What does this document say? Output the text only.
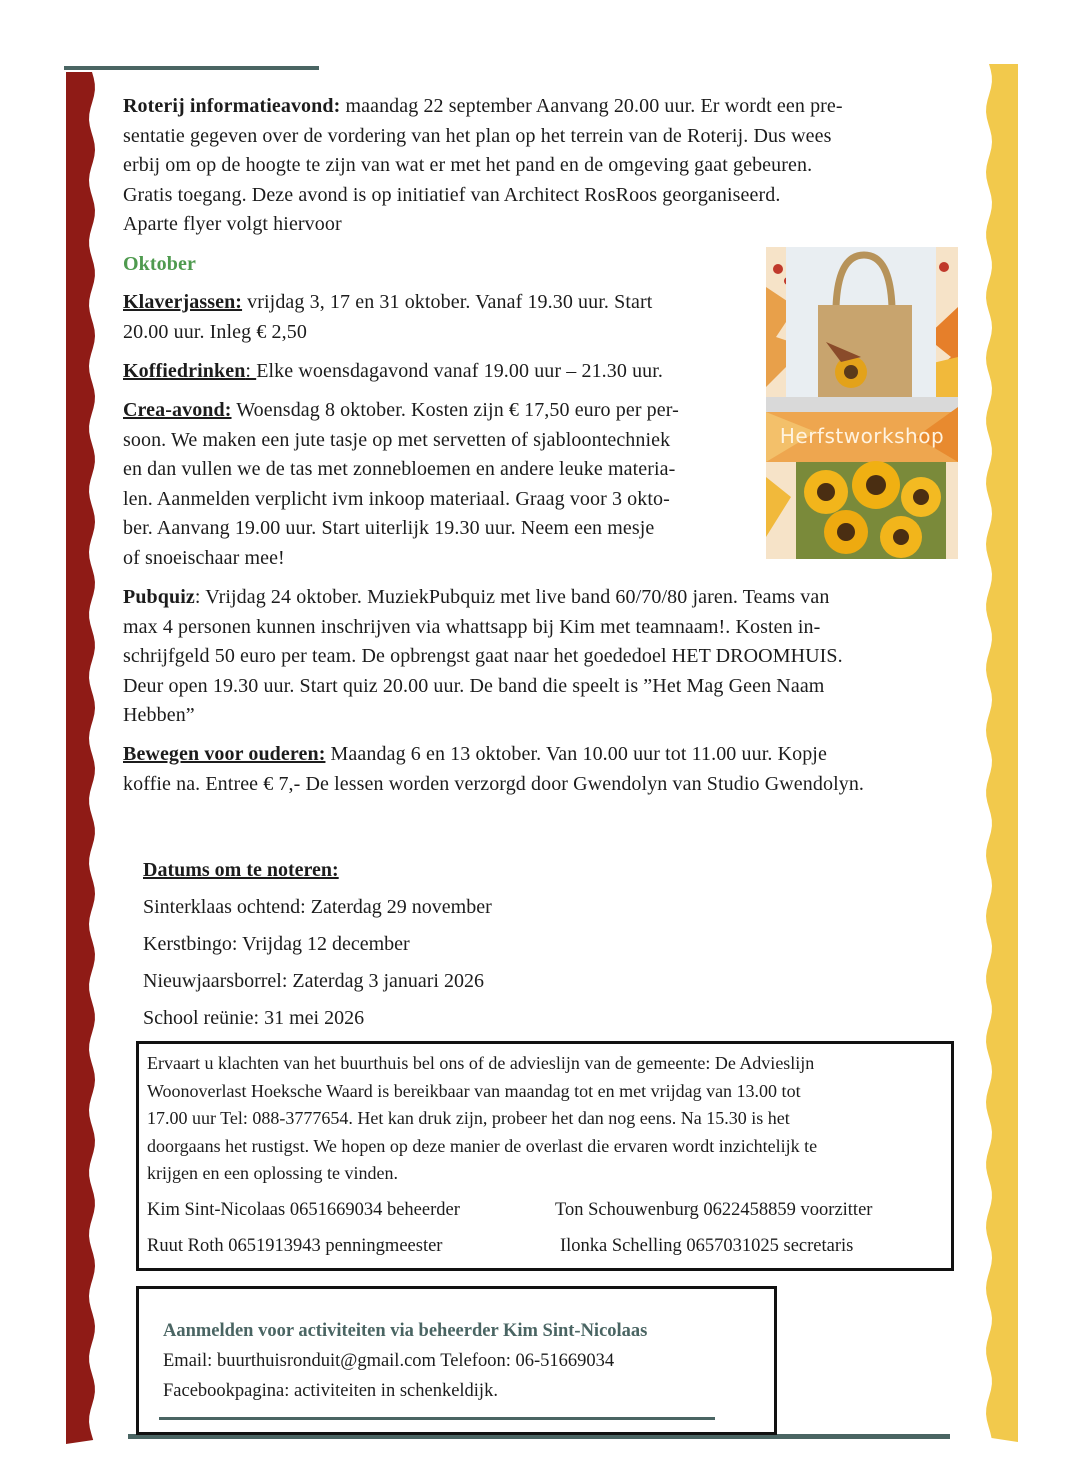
Roterij informatieavond: maandag 22 september Aanvang 20.00 uur. Er wordt een pre-

sentatie gegeven over de vordering van het plan op het terrein van de Roterij. Dus wees

erbij om op de hoogte te zijn van wat er met het pand en de omgeving gaat gebeuren.

Gratis toegang. Deze avond is op initiatief van Architect RosRoos georganiseerd.

Aparte flyer volgt hiervoor

Oktober

Klaverjassen: vrijdag 3, 17 en 31 oktober. Vanaf 19.30 uur. Start

20.00 uur. Inleg € 2,50

Koffiedrinken: Elke woensdagavond vanaf 19.00 uur – 21.30 uur.

Crea-avond: Woensdag 8 oktober. Kosten zijn € 17,50 euro per per-

soon. We maken een jute tasje op met servetten of sjabloontechniek

en dan vullen we de tas met zonnebloemen en andere leuke materia-

len. Aanmelden verplicht ivm inkoop materiaal. Graag voor 3 okto-

ber. Aanvang 19.00 uur. Start uiterlijk 19.30 uur. Neem een mesje

of snoeischaar mee!

Herfstworkshop

Pubquiz: Vrijdag 24 oktober. MuziekPubquiz met live band 60/70/80 jaren. Teams van

max 4 personen kunnen inschrijven via whattsapp bij Kim met teamnaam!. Kosten in-

schrijfgeld 50 euro per team. De opbrengst gaat naar het goededoel HET DROOMHUIS.

Deur open 19.30 uur. Start quiz 20.00 uur. De band die speelt is ”Het Mag Geen Naam

Hebben”

Bewegen voor ouderen: Maandag 6 en 13 oktober. Van 10.00 uur tot 11.00 uur. Kopje

koffie na. Entree € 7,- De lessen worden verzorgd door Gwendolyn van Studio Gwendolyn.

Datums om te noteren:
Sinterklaas ochtend: Zaterdag 29 november
Kerstbingo: Vrijdag 12 december
Nieuwjaarsborrel: Zaterdag 3 januari 2026
School reünie: 31 mei 2026
Ervaart u klachten van het buurthuis bel ons of de advieslijn van de gemeente: De Advieslijn
Woonoverlast Hoeksche Waard is bereikbaar van maandag tot en met vrijdag van 13.00 tot
17.00 uur Tel: 088-3777654. Het kan druk zijn, probeer het dan nog eens. Na 15.30 is het
doorgaans het rustigst. We hopen op deze manier de overlast die ervaren wordt inzichtelijk te
krijgen en een oplossing te vinden.
Kim Sint-Nicolaas 0651669034 beheerder	Ton Schouwenburg 0622458859 voorzitter
Ruut Roth 0651913943 penningmeester	Ilonka Schelling 0657031025 secretaris
Aanmelden voor activiteiten via beheerder Kim Sint-Nicolaas
Email: buurthuisronduit@gmail.com Telefoon: 06-51669034
Facebookpagina: activiteiten in schenkeldijk.
